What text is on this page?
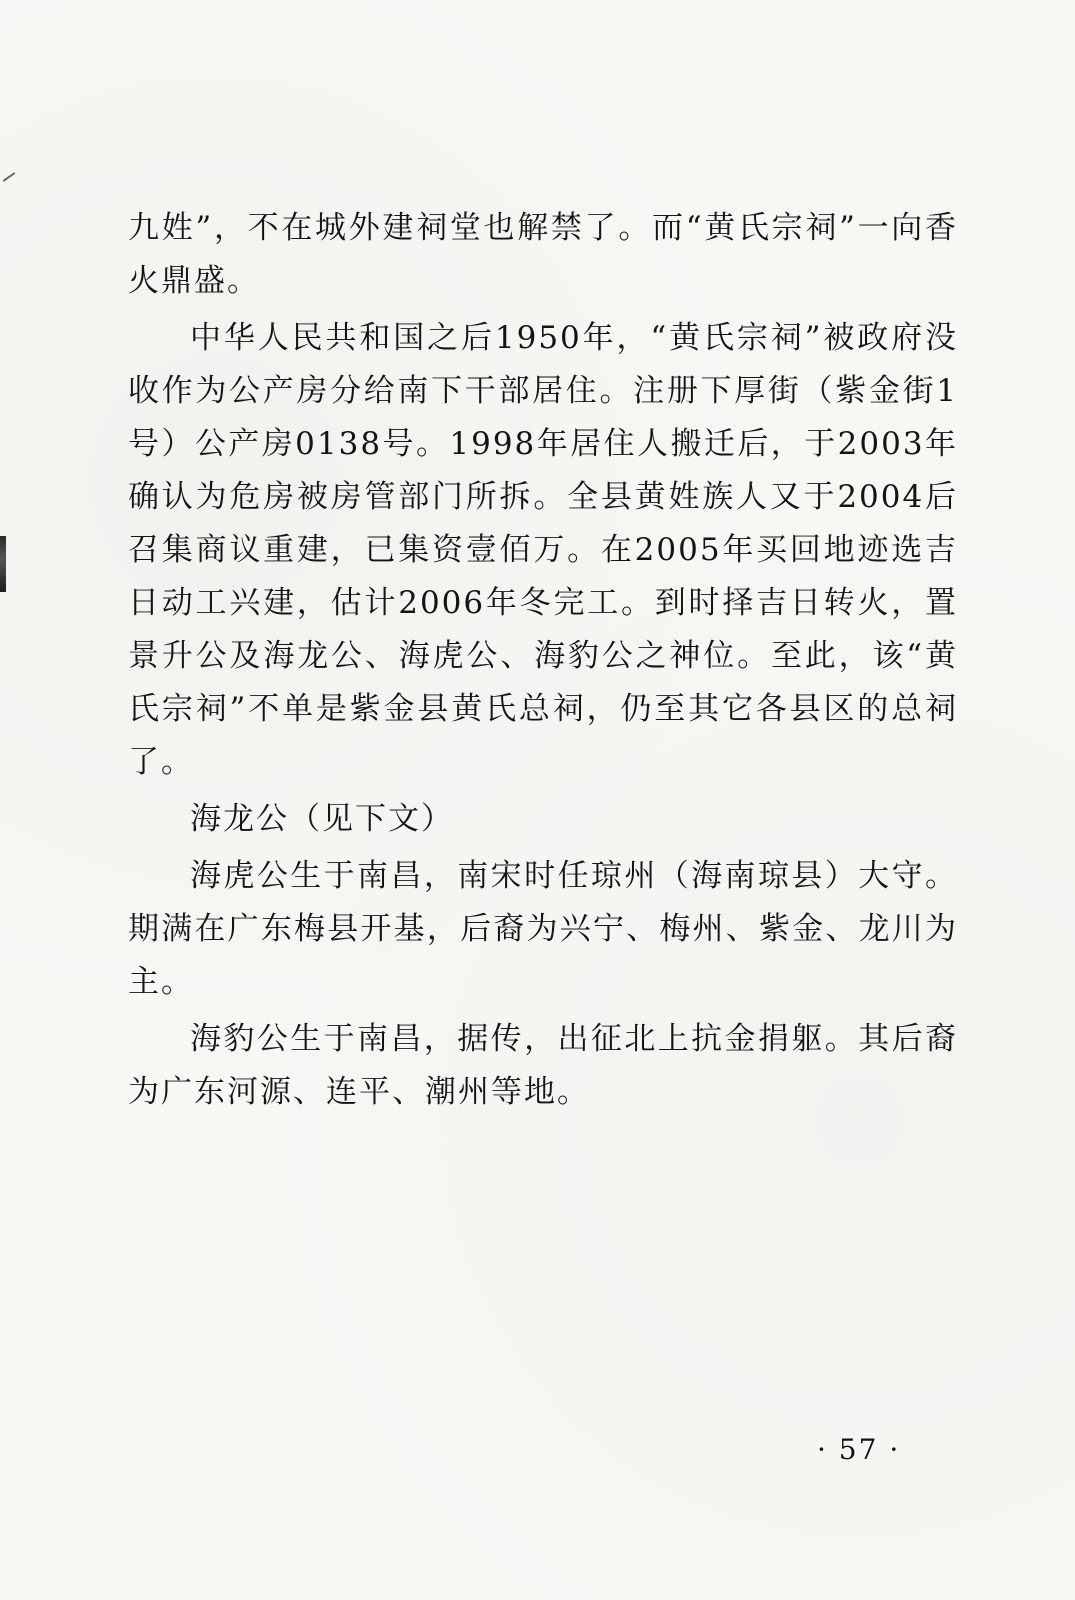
九姓”，不在城外建祠堂也解禁了。而“黄氏宗祠”一向香火鼎盛。

中华人民共和国之后1950年，“黄氏宗祠”被政府没收作为公产房分给南下干部居住。注册下厚街（紫金街1号）公产房0138号。1998年居住人搬迁后，于2003年确认为危房被房管部门所拆。全县黄姓族人又于2004后召集商议重建，已集资壹佰万。在2005年买回地迹选吉日动工兴建，估计2006年冬完工。到时择吉日转火，置景升公及海龙公、海虎公、海豹公之神位。至此，该“黄氏宗祠”不单是紫金县黄氏总祠，仍至其它各县区的总祠了。

海龙公（见下文）

海虎公生于南昌，南宋时任琼州（海南琼县）大守。期满在广东梅县开基，后裔为兴宁、梅州、紫金、龙川为主。

海豹公生于南昌，据传，出征北上抗金捐躯。其后裔为广东河源、连平、潮州等地。

· 57 ·
